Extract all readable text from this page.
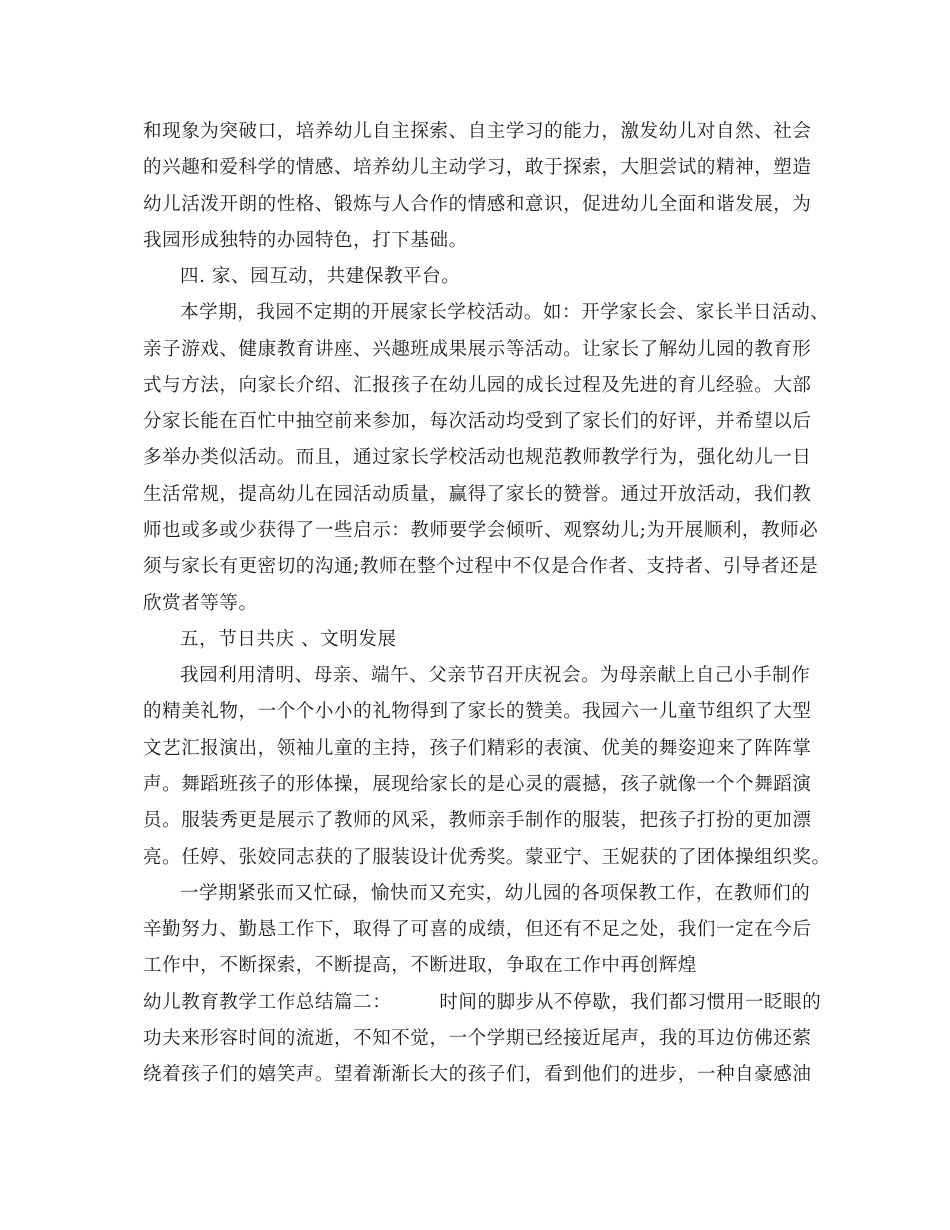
和现象为突破口，培养幼儿自主探索、自主学习的能力，激发幼儿对自然、社会
的兴趣和爱科学的情感、培养幼儿主动学习，敢于探索，大胆尝试的精神，塑造
幼儿活泼开朗的性格、锻炼与人合作的情感和意识，促进幼儿全面和谐发展，为
我园形成独特的办园特色，打下基础。
四. 家、园互动，共建保教平台。
本学期，我园不定期的开展家长学校活动。如：开学家长会、家长半日活动、
亲子游戏、健康教育讲座、兴趣班成果展示等活动。让家长了解幼儿园的教育形
式与方法，向家长介绍、汇报孩子在幼儿园的成长过程及先进的育儿经验。大部
分家长能在百忙中抽空前来参加，每次活动均受到了家长们的好评，并希望以后
多举办类似活动。而且，通过家长学校活动也规范教师教学行为，强化幼儿一日
生活常规，提高幼儿在园活动质量，赢得了家长的赞誉。通过开放活动，我们教
师也或多或少获得了一些启示：教师要学会倾听、观察幼儿;为开展顺利，教师必
须与家长有更密切的沟通;教师在整个过程中不仅是合作者、支持者、引导者还是
欣赏者等等。
五，节日共庆 、文明发展
我园利用清明、母亲、端午、父亲节召开庆祝会。为母亲献上自己小手制作
的精美礼物，一个个小小的礼物得到了家长的赞美。我园六一儿童节组织了大型
文艺汇报演出，领袖儿童的主持，孩子们精彩的表演、优美的舞姿迎来了阵阵掌
声。舞蹈班孩子的形体操，展现给家长的是心灵的震撼，孩子就像一个个舞蹈演
员。服装秀更是展示了教师的风采，教师亲手制作的服装，把孩子打扮的更加漂
亮。任婷、张姣同志获的了服装设计优秀奖。蒙亚宁、王妮获的了团体操组织奖。
一学期紧张而又忙碌，愉快而又充实，幼儿园的各项保教工作，在教师们的
辛勤努力、勤恳工作下，取得了可喜的成绩，但还有不足之处，我们一定在今后
工作中，不断探索，不断提高，不断进取，争取在工作中再创辉煌
幼儿教育教学工作总结篇二：	时间的脚步从不停歇，我们都习惯用一眨眼的
功夫来形容时间的流逝，不知不觉，一个学期已经接近尾声，我的耳边仿佛还萦
绕着孩子们的嬉笑声。望着渐渐长大的孩子们，看到他们的进步，一种自豪感油
